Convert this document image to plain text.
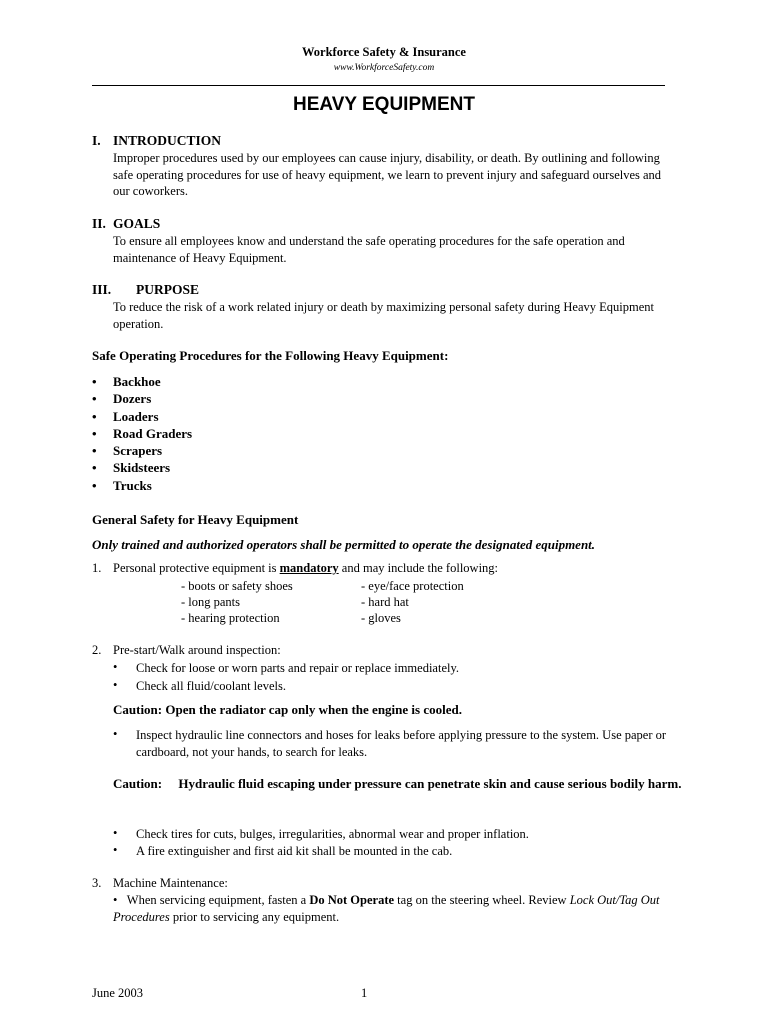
Workforce Safety & Insurance
www.WorkforceSafety.com
HEAVY EQUIPMENT
I. INTRODUCTION
Improper procedures used by our employees can cause injury, disability, or death. By outlining and following safe operating procedures for use of heavy equipment, we learn to prevent injury and safeguard ourselves and our coworkers.
II. GOALS
To ensure all employees know and understand the safe operating procedures for the safe operation and maintenance of Heavy Equipment.
III. PURPOSE
To reduce the risk of a work related injury or death by maximizing personal safety during Heavy Equipment operation.
Safe Operating Procedures for the Following Heavy Equipment:
• Backhoe
• Dozers
• Loaders
• Road Graders
• Scrapers
• Skidsteers
• Trucks
General Safety for Heavy Equipment
Only trained and authorized operators shall be permitted to operate the designated equipment.
1. Personal protective equipment is mandatory and may include the following:
- boots or safety shoes
- long pants
- hearing protection
- eye/face protection
- hard hat
- gloves
2. Pre-start/Walk around inspection:
• Check for loose or worn parts and repair or replace immediately.
• Check all fluid/coolant levels.
Caution: Open the radiator cap only when the engine is cooled.
• Inspect hydraulic line connectors and hoses for leaks before applying pressure to the system. Use paper or cardboard, not your hands, to search for leaks.
Caution: Hydraulic fluid escaping under pressure can penetrate skin and cause serious bodily harm.
• Check tires for cuts, bulges, irregularities, abnormal wear and proper inflation.
• A fire extinguisher and first aid kit shall be mounted in the cab.
3. Machine Maintenance:
• When servicing equipment, fasten a Do Not Operate tag on the steering wheel. Review Lock Out/Tag Out Procedures prior to servicing any equipment.
June 2003	1
